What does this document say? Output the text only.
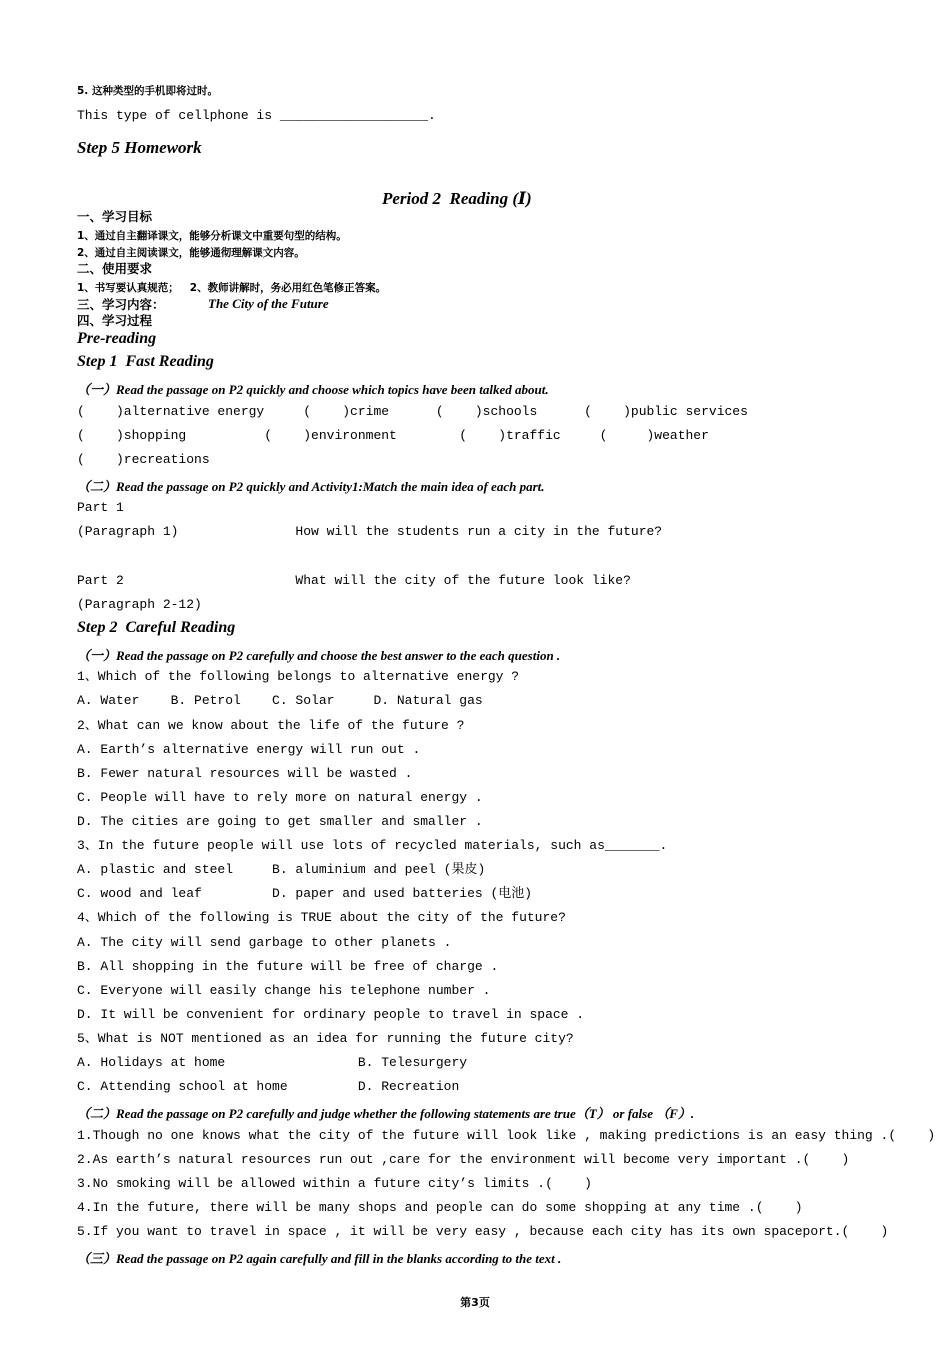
5. 这种类型的手机即将过时。
This type of cellphone is ___________________.
Step 5 Homework
Period 2  Reading (Ⅰ)
一、学习目标
1、通过自主翻译课文，能够分析课文中重要句型的结构。
2、通过自主阅读课文，能够通彻理解课文内容。
二、使用要求
1、书写要认真规范；   2、教师讲解时，务必用红色笔修正答案。
三、学习内容：	The City of the Future
四、学习过程
Pre-reading
Step 1  Fast Reading
（一）Read the passage on P2 quickly and choose which topics have been talked about.
(    )alternative energy     (    )crime      (    )schools      (    )public services
(    )shopping          (    )environment        (    )traffic     (     )weather
(    )recreations
（二）Read the passage on P2 quickly and Activity1:Match the main idea of each part.
Part 1
(Paragraph 1)               How will the students run a city in the future?
Part 2                      What will the city of the future look like?
(Paragraph 2-12)
Step 2  Careful Reading
（一）Read the passage on P2 carefully and choose the best answer to the each question .
1、Which of the following belongs to alternative energy ?
A. Water    B. Petrol    C. Solar     D. Natural gas
2、What can we know about the life of the future ?
A. Earth’s alternative energy will run out .
B. Fewer natural resources will be wasted .
C. People will have to rely more on natural energy .
D. The cities are going to get smaller and smaller .
3、In the future people will use lots of recycled materials, such as_______.
A. plastic and steel     B. aluminium and peel (果皮)
C. wood and leaf         D. paper and used batteries (电池)
4、Which of the following is TRUE about the city of the future?
A. The city will send garbage to other planets .
B. All shopping in the future will be free of charge .
C. Everyone will easily change his telephone number .
D. It will be convenient for ordinary people to travel in space .
5、What is NOT mentioned as an idea for running the future city?
A. Holidays at home                 B. Telesurgery
C. Attending school at home         D. Recreation
（二）Read the passage on P2 carefully and judge whether the following statements are true（T） or false （F）.
1.Though no one knows what the city of the future will look like , making predictions is an easy thing .(    )
2.As earth’s natural resources run out ,care for the environment will become very important .(    )
3.No smoking will be allowed within a future city’s limits .(    )
4.In the future, there will be many shops and people can do some shopping at any time .(    )
5.If you want to travel in space , it will be very easy , because each city has its own spaceport.(    )
（三）Read the passage on P2 again carefully and fill in the blanks according to the text .
第3页
